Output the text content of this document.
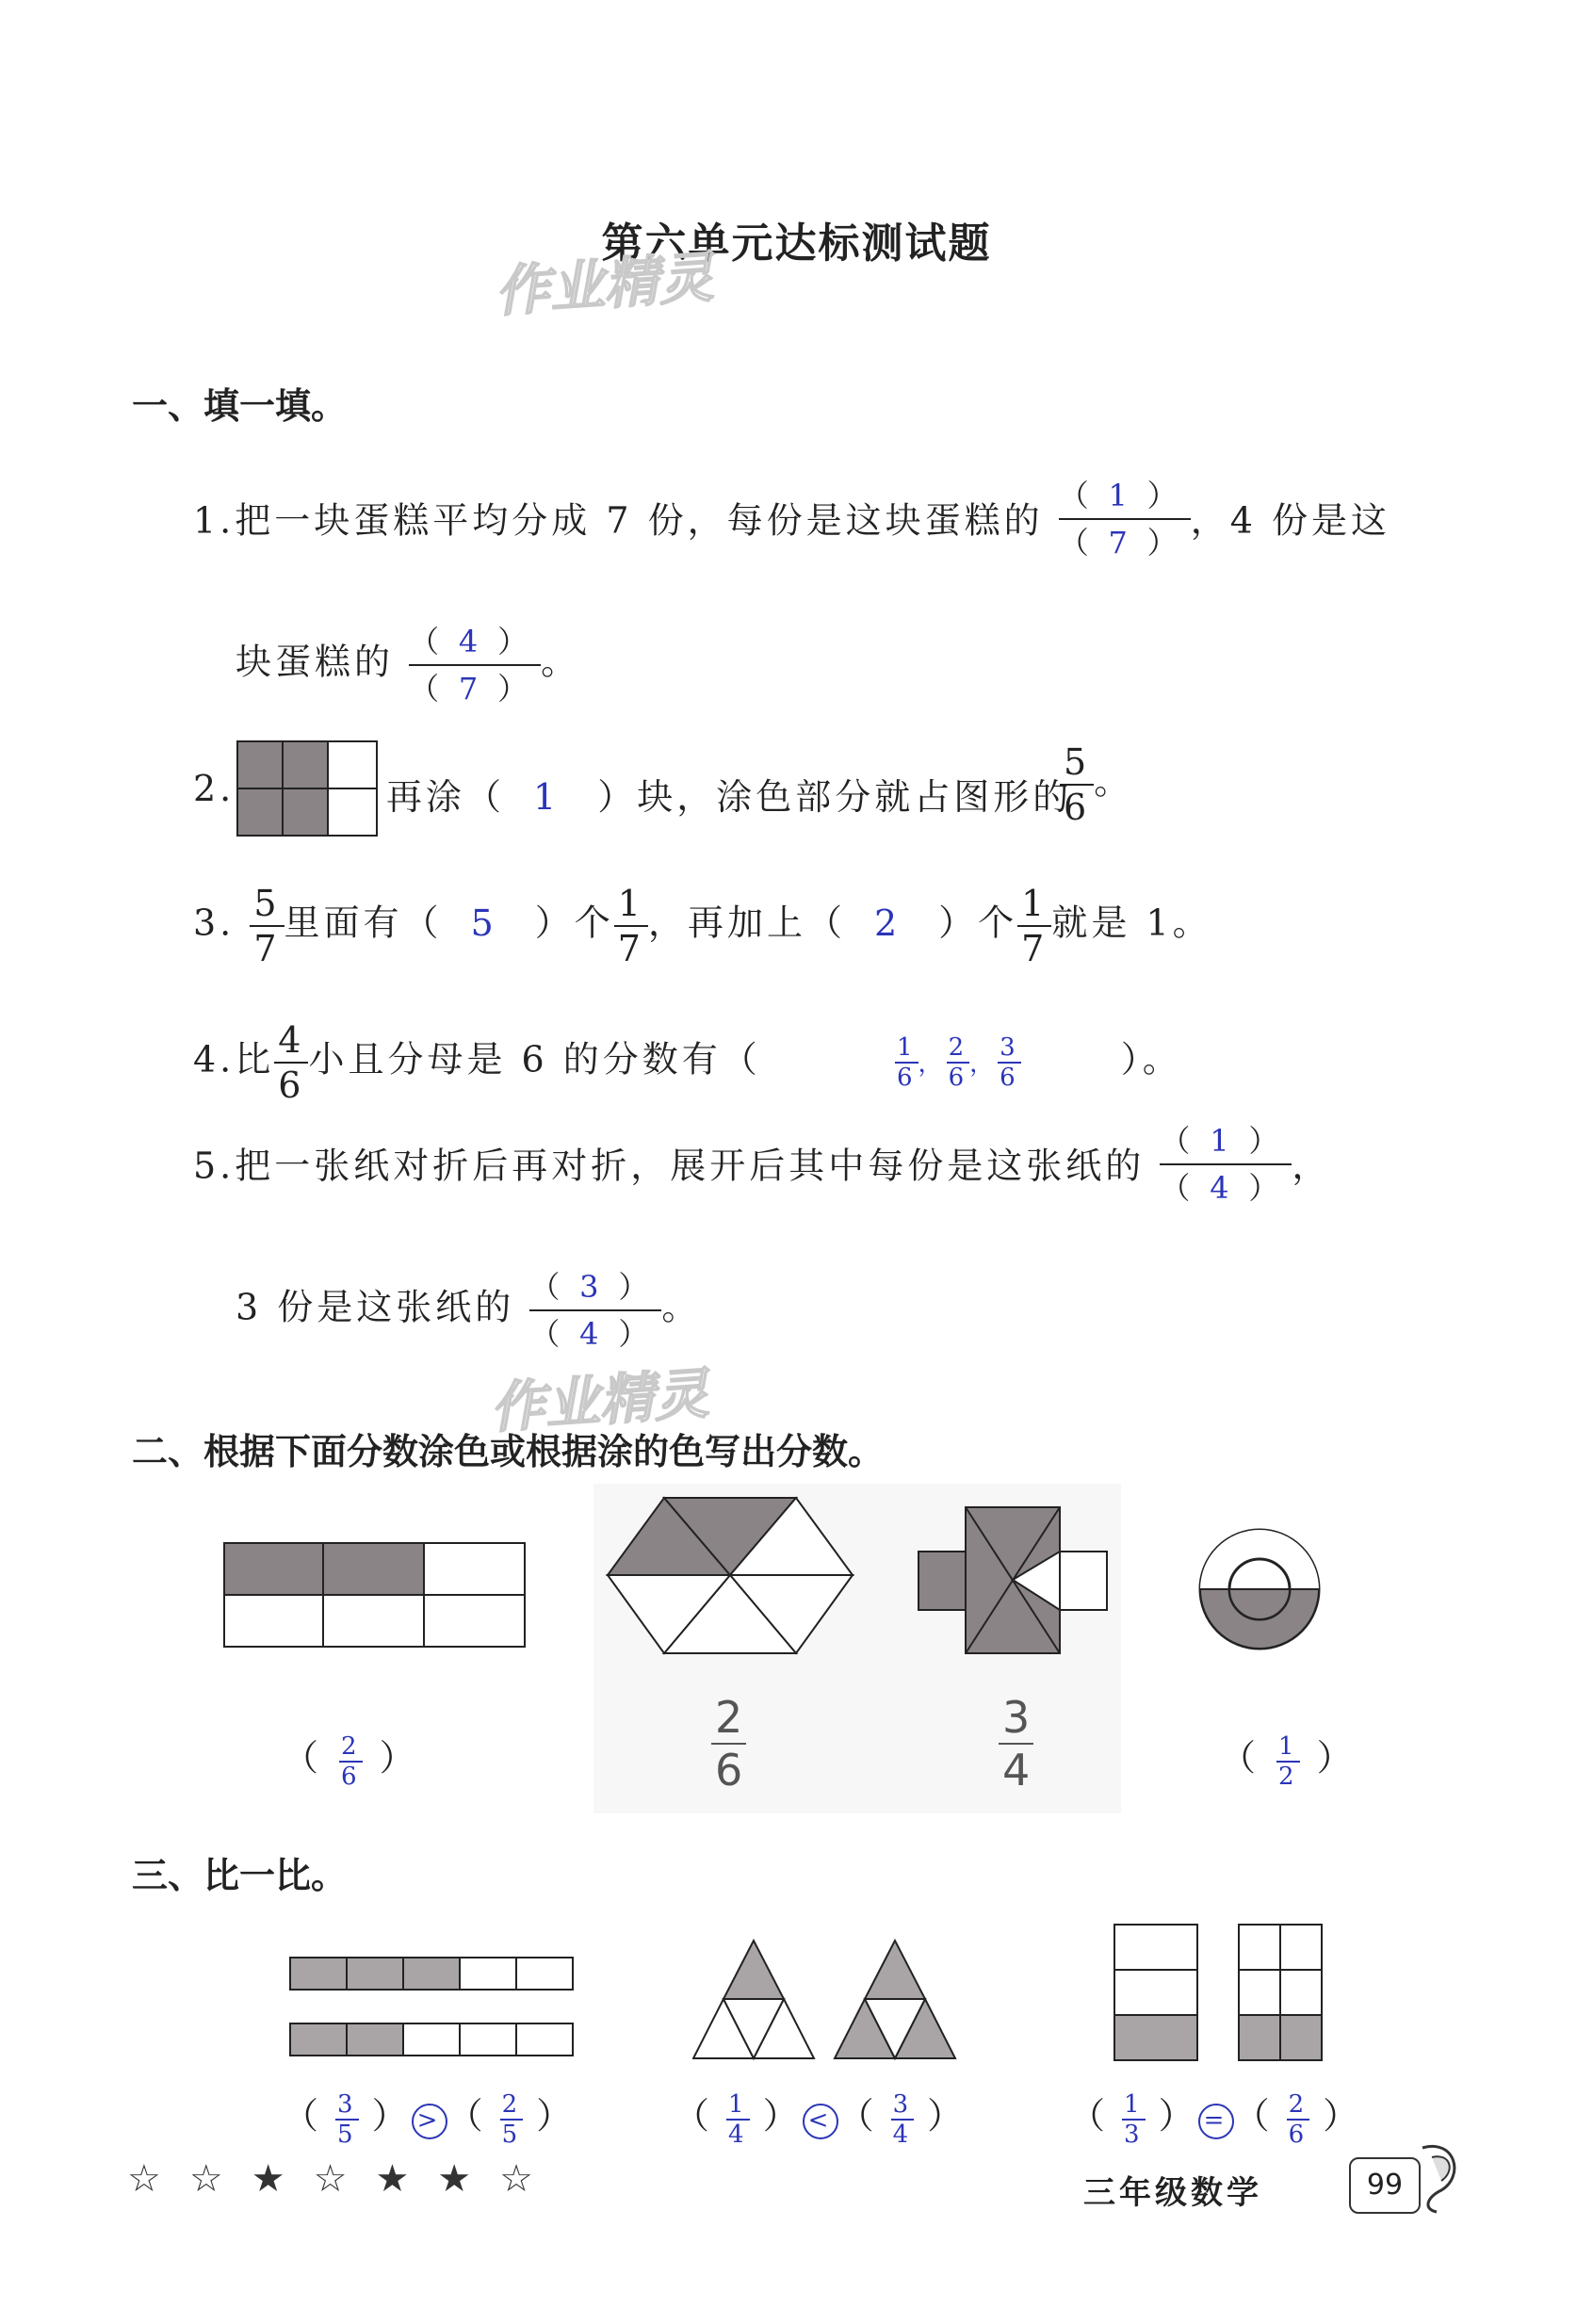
第六单元达标测试题
作业精灵
一、填一填。
1.把一块蛋糕平均分成 7 份，每份是这块蛋糕的 $\frac{( 1 )}{( 7 )}$ ，4 份是这
块蛋糕的 $\frac{( 4 )}{( 7 )}$ 。
2.	再涂（ 1 ）块，涂色部分就占图形的
$\frac{5}{6}$ 。
3. $\frac{5}{7}$ 里面有（ 5 ）个 $\frac{1}{7}$ ，再加上（ 2 ）个 $\frac{1}{7}$ 就是 1。
4.比 $\frac{4}{6}$ 小且分母是 6 的分数有（	$\frac{1}{6}$ ， $\frac{2}{6}$ ， $\frac{3}{6}$	）。
5.把一张纸对折后再对折，展开后其中每份是这张纸的 $\frac{( 1 )}{( 4 )}$ ，
3 份是这张纸的 $\frac{( 3 )}{( 4 )}$ 。
作业精灵
二、根据下面分数涂色或根据涂的色写出分数。
（ $\frac{2}{6}$ ）	$\frac{2}{6}$	$\frac{3}{4}$	（ $\frac{1}{2}$ ）
三、比一比。
（ $\frac{3}{5}$ ） > （ $\frac{2}{5}$ ）	（ $\frac{1}{4}$ ） < （ $\frac{3}{4}$ ）	（ $\frac{1}{3}$ ） = （ $\frac{2}{6}$ ）
☆☆★☆★★☆	三年级数学	99
